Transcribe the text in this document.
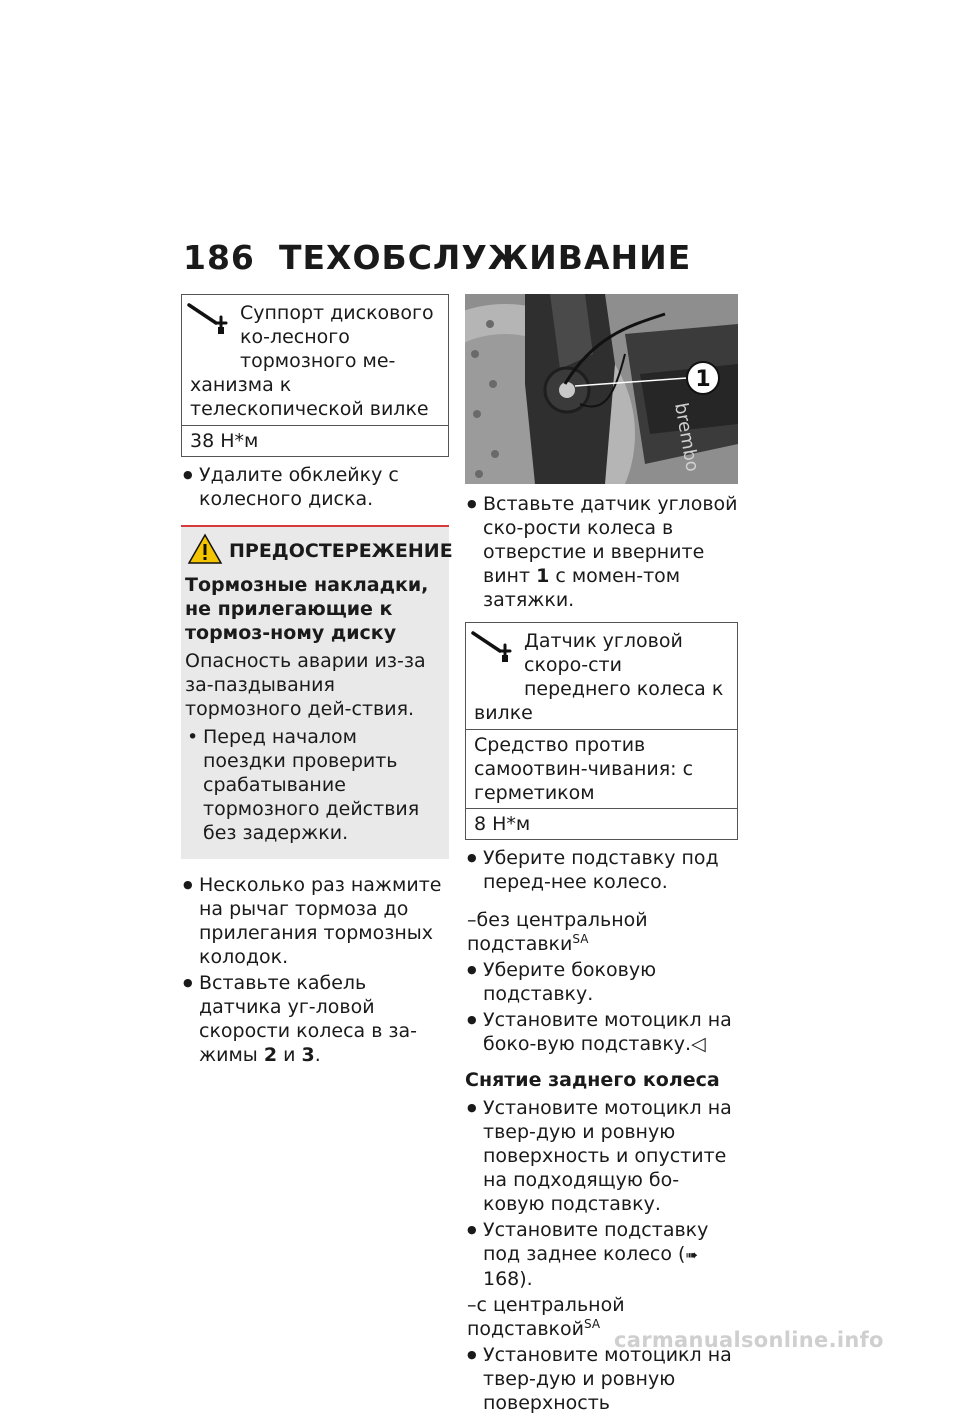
186 ТЕХОБСЛУЖИВАНИЕ
Суппорт дискового ко-лесного тормозного ме-
ханизма к телескопической вилке
38 Н*м
● Удалите обклейку с колесного диска.
ПРЕДОСТЕРЕЖЕНИЕ
Тормозные накладки, не прилегающие к тормоз-ному диску
Опасность аварии из-за за-паздывания тормозного дей-ствия.
• Перед началом поездки проверить срабатывание тормозного действия без задержки.
● Несколько раз нажмите на рычаг тормоза до прилегания тормозных колодок.
● Вставьте кабель датчика уг-ловой скорости колеса в за-жимы 2 и 3.
brembo
1
● Вставьте датчик угловой ско-рости колеса в отверстие и вверните винт 1 с момен-том затяжки.
Датчик угловой скоро-сти переднего колеса к
вилке
Средство против самоотвин-чивания: с герметиком
8 Н*м
● Уберите подставку под перед-нее колесо.
–без центральной подставки$^{SA}$
● Уберите боковую подставку.
● Установите мотоцикл на боко-вую подставку.◁
Снятие заднего колеса
● Установите мотоцикл на твер-дую и ровную поверхность и опустите на подходящую бо-ковую подставку.
● Установите подставку под заднее колесо (➠ 168).
–с центральной подставкой$^{SA}$
● Установите мотоцикл на твер-дую и ровную поверхность
carmanualsonline.info
